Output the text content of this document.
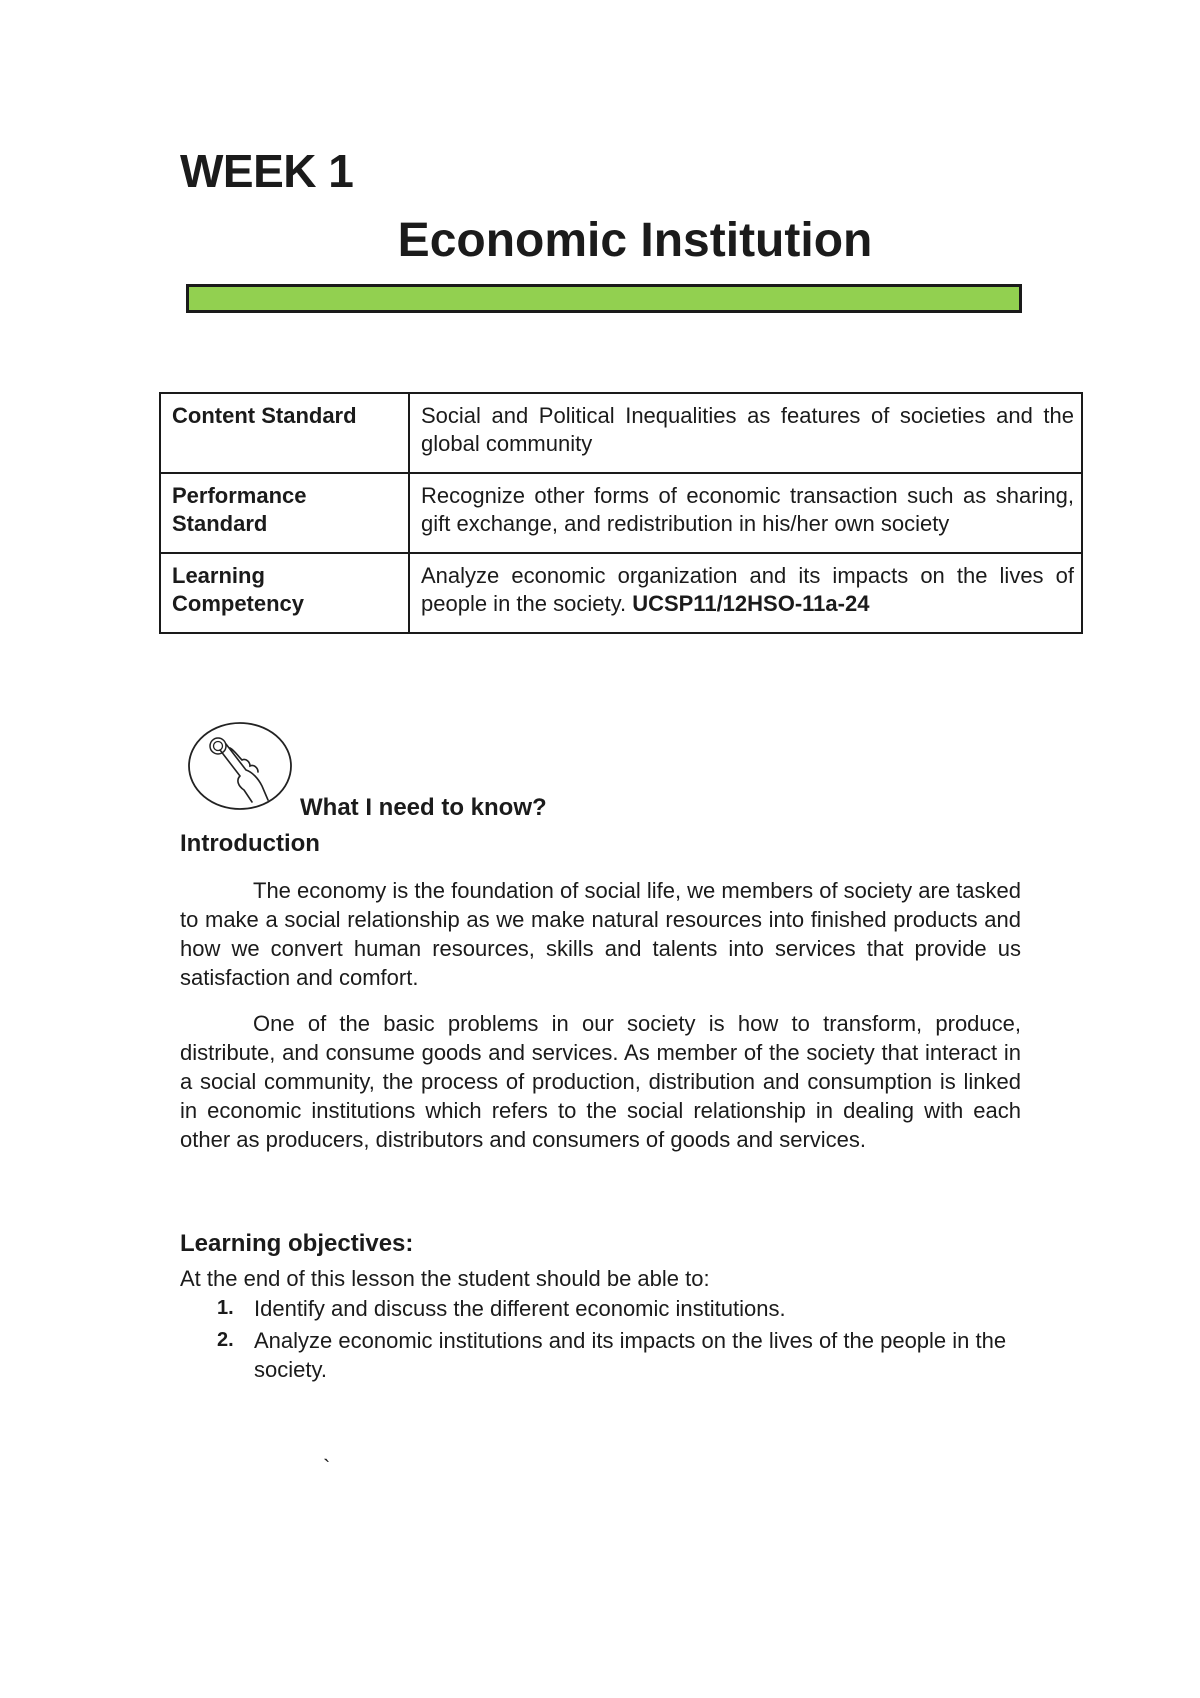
WEEK 1
Economic Institution
Content Standard	Social and Political Inequalities as features of societies and the global community
Performance Standard	Recognize other forms of economic transaction such as sharing, gift exchange, and redistribution in his/her own society
Learning Competency	Analyze economic organization and its impacts on the lives of people in the society. UCSP11/12HSO-11a-24
What I need to know?
Introduction

The economy is the foundation of social life, we members of society are tasked to make a social relationship as we make natural resources into finished products and how we convert human resources, skills and talents into services that provide us satisfaction and comfort.

One of the basic problems in our society is how to transform, produce, distribute, and consume goods and services. As member of the society that interact in a social community, the process of production, distribution and consumption is linked in economic institutions which refers to the social relationship in dealing with each other as producers, distributors and consumers of goods and services.

Learning objectives:

At the end of this lesson the student should be able to:

1. Identify and discuss the different economic institutions.
2. Analyze economic institutions and its impacts on the lives of the people in the society.

`
